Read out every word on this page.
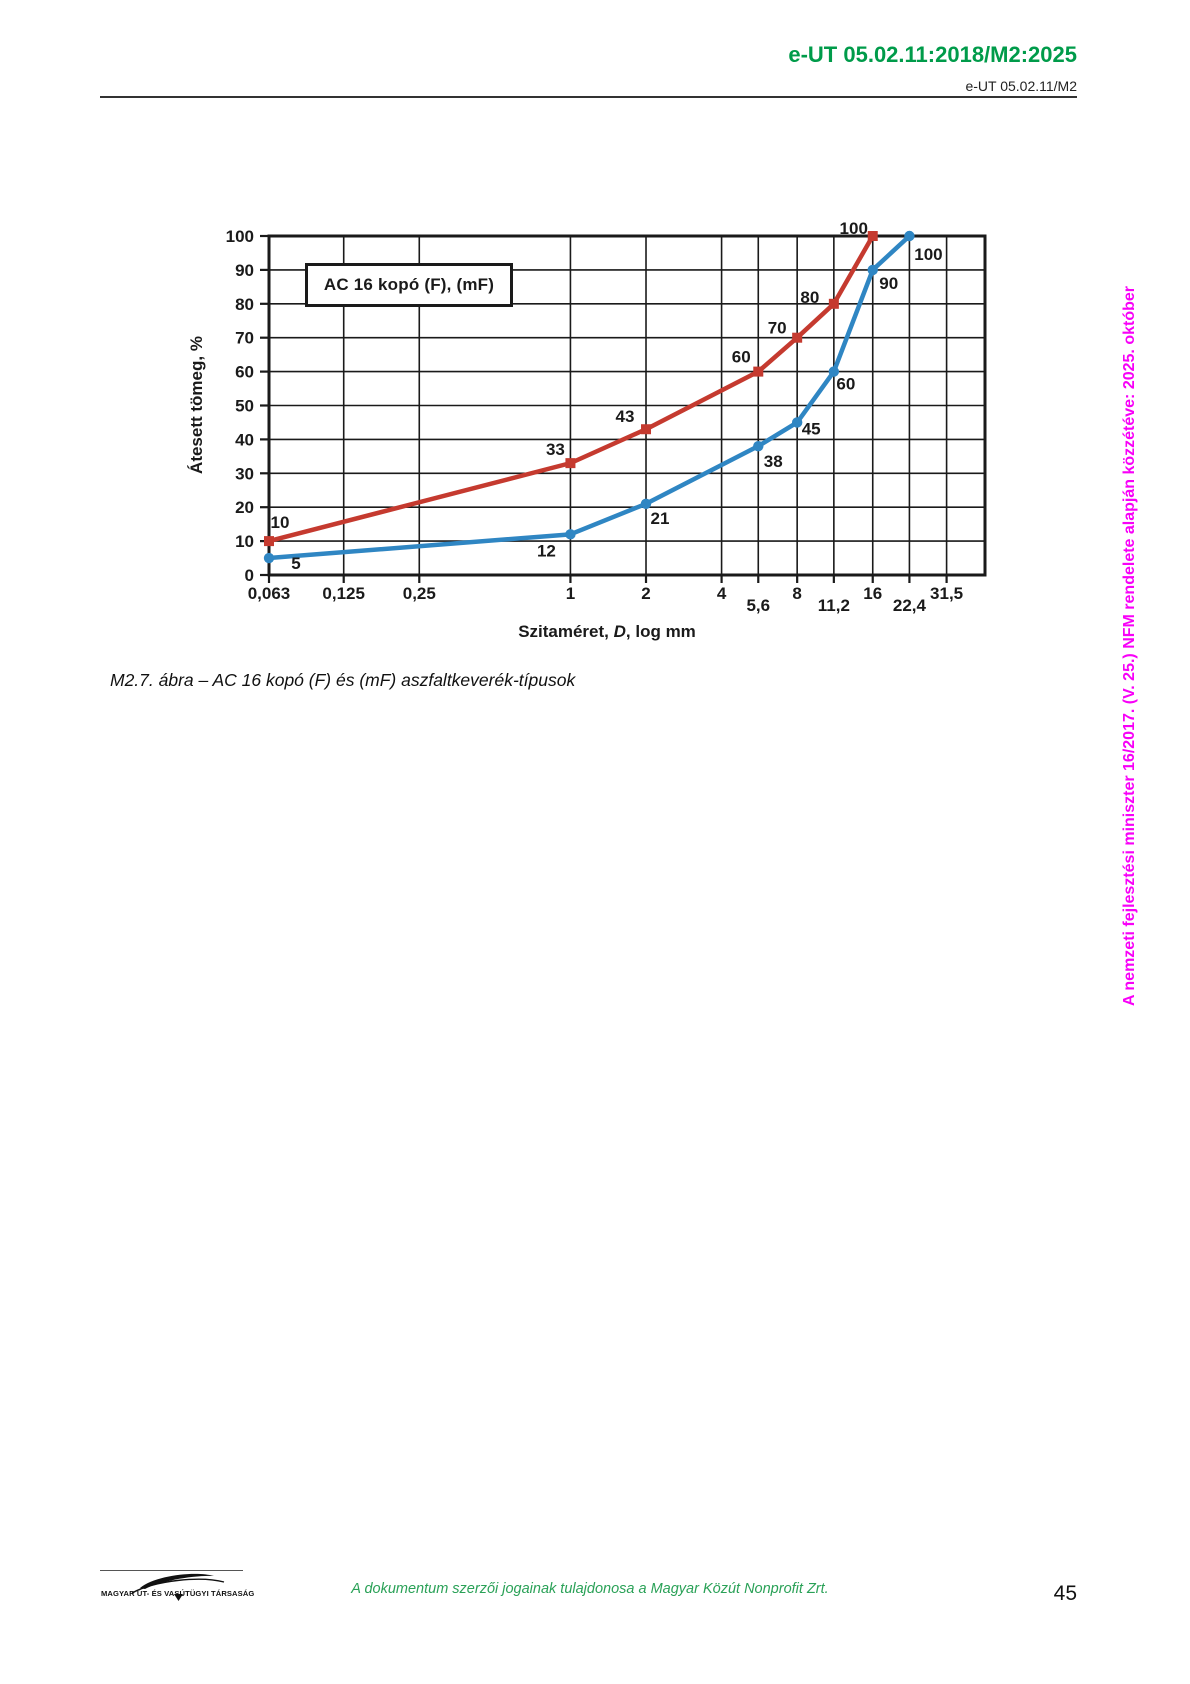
e-UT 05.02.11:2018/M2:2025
e-UT 05.02.11/M2
0
10
20
30
40
50
60
70
80
90
100
0,063 0,125 0,25	1	2	4
5,6
8
11,2
16
22,4
31,5
10
33
43
60
70
80
100
5
12
21
38
45
60
90
100
AC 16 kopó (F), (mF)
Átesett tömeg, %
Szitaméret, D, log mm
M2.7. ábra – AC 16 kopó (F) és (mF) aszfaltkeverék-típusok	A nemzeti fejlesztési miniszter 16/2017. (V. 25.) NFM rendelete alapján közzétéve: 2025. október
MAGYAR ÚT- ÉS VASÚTÜGYI TÁRSASÁG	A dokumentum szerzői jogainak tulajdonosa a Magyar Közút Nonprofit Zrt.	45
